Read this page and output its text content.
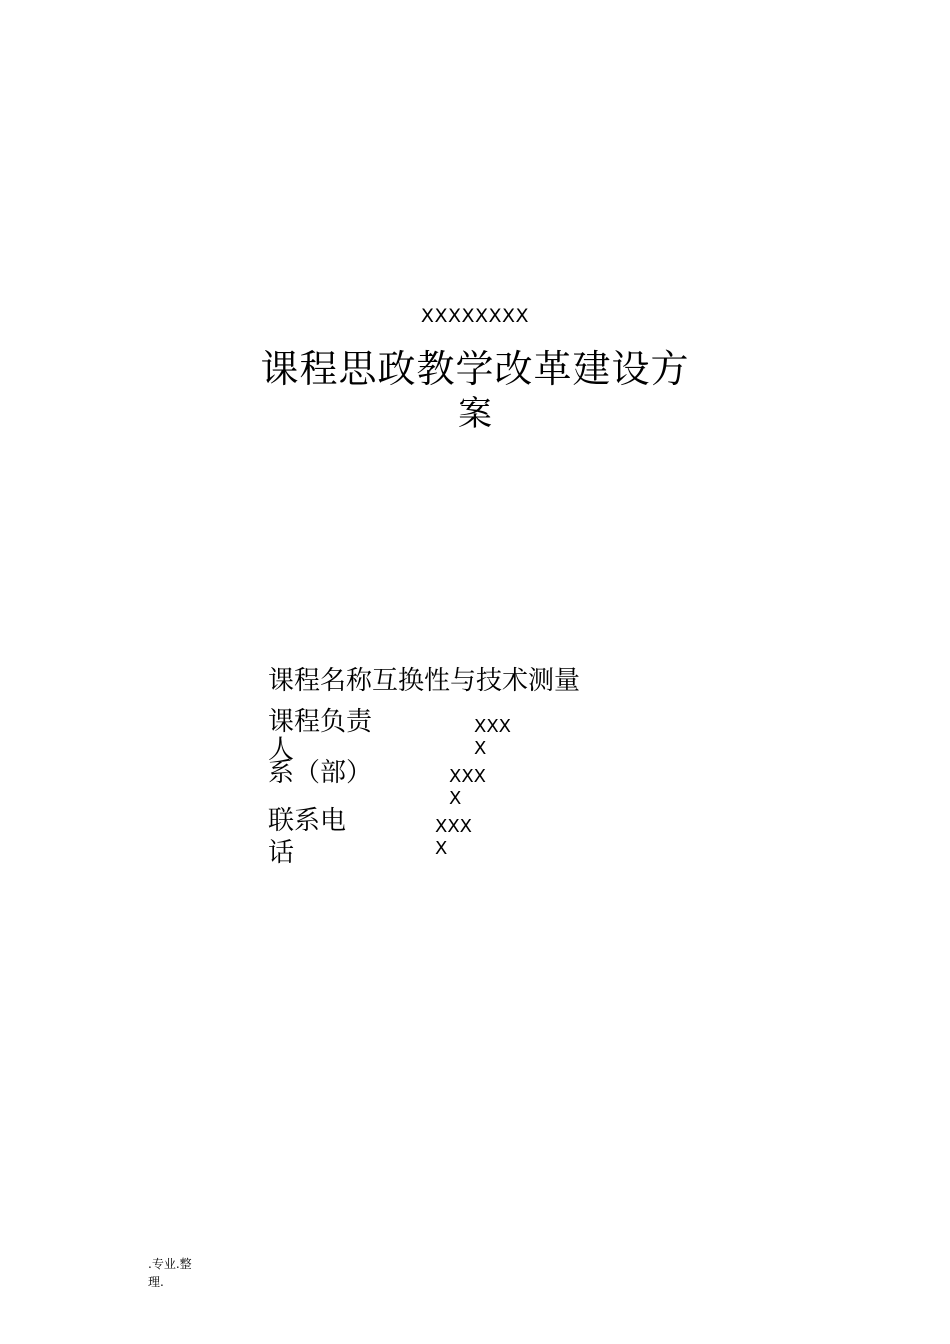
XXXXXXXX
课程思政教学改革建设方
案
课程名称互换性与技术测量
课程负责
人
XXX
X
系（部）	XXX
X
联系电
话
XXX
X
.专业.整
理.
